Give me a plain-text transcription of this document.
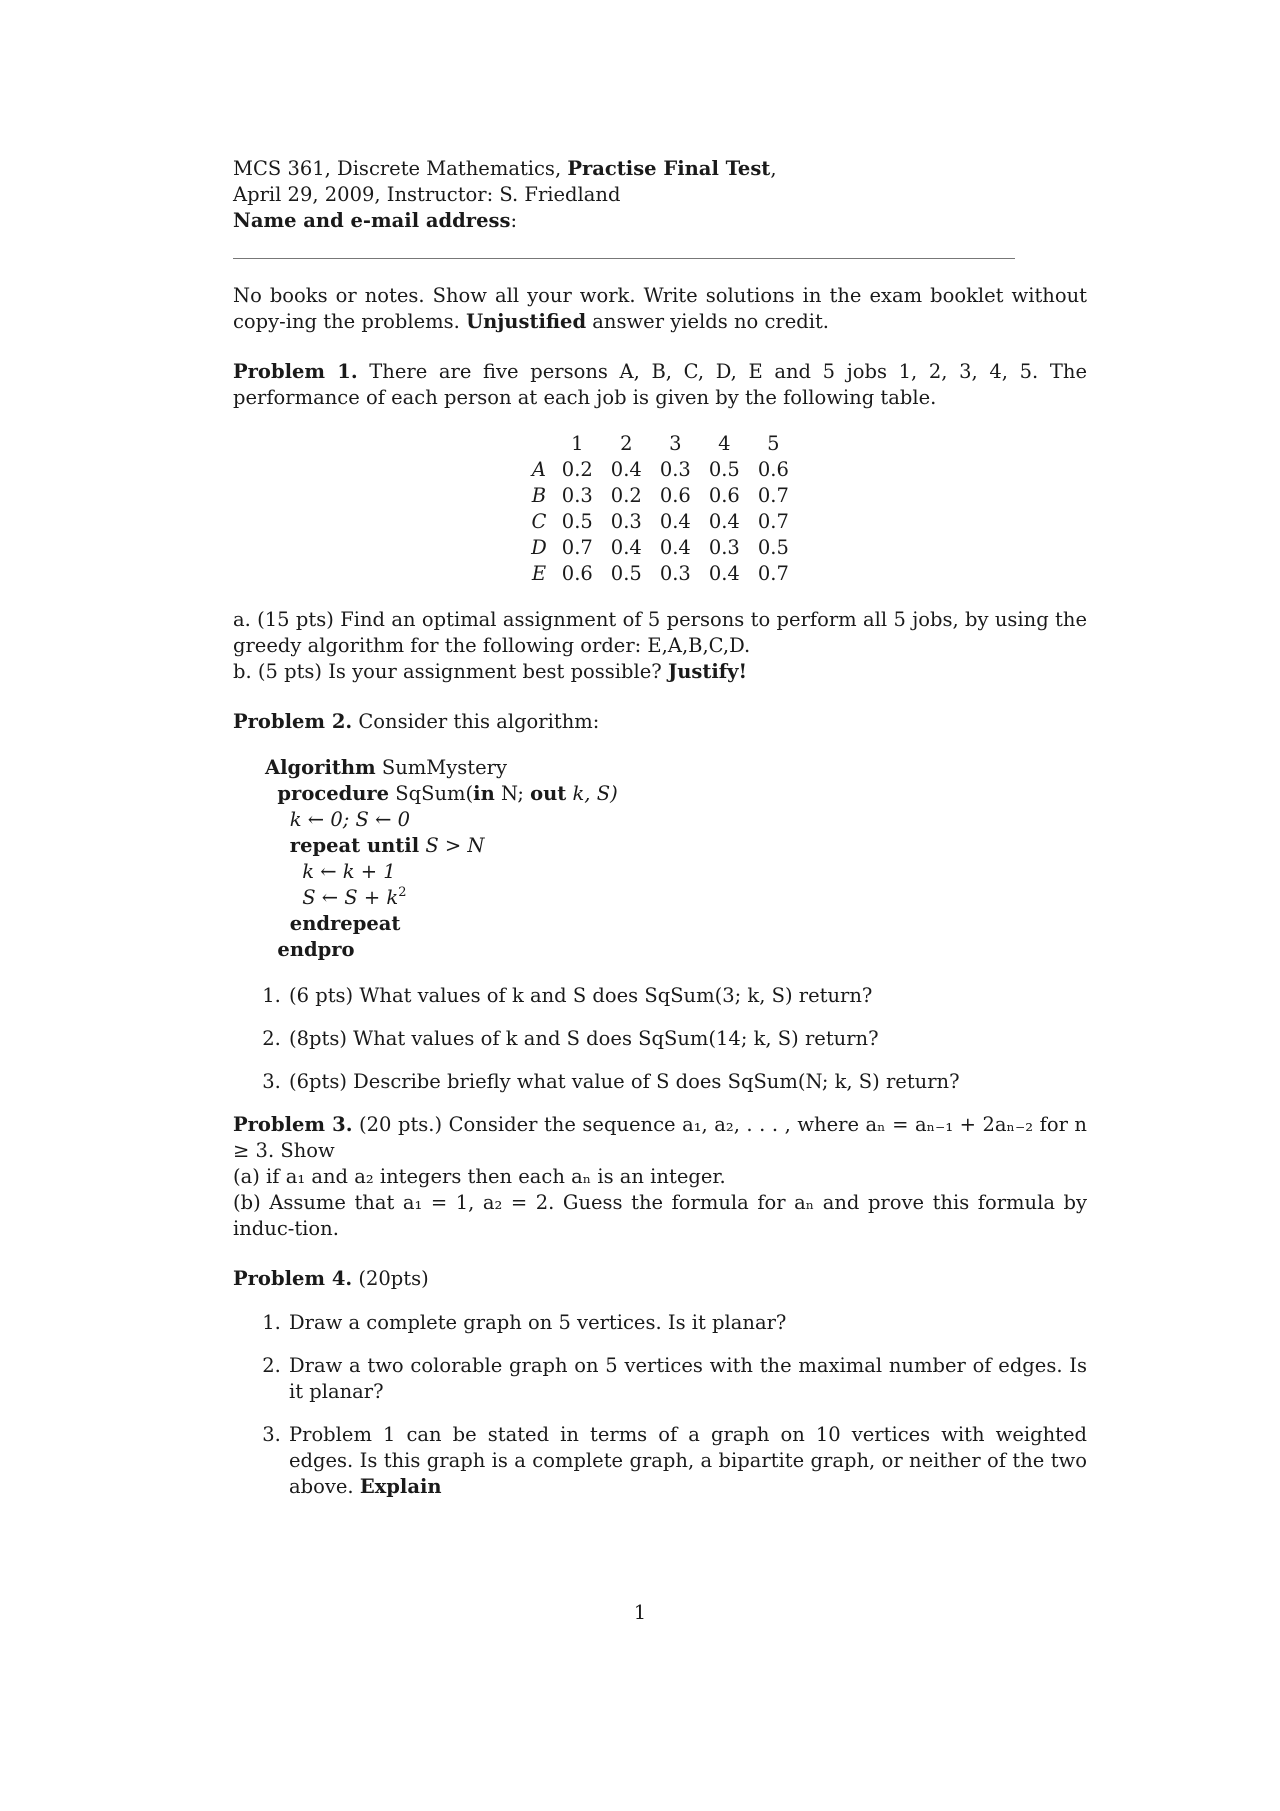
MCS 361, Discrete Mathematics, Practise Final Test,

April 29, 2009, Instructor: S. Friedland

Name and e-mail address:

No books or notes. Show all your work. Write solutions in the exam booklet without copy-ing the problems. Unjustified answer yields no credit.

Problem 1. There are five persons A, B, C, D, E and 5 jobs 1, 2, 3, 4, 5. The performance of each person at each job is given by the following table.

	1	2	3	4	5
A	0.2	0.4	0.3	0.5	0.6
B	0.3	0.2	0.6	0.6	0.7
C	0.5	0.3	0.4	0.4	0.7
D	0.7	0.4	0.4	0.3	0.5
E	0.6	0.5	0.3	0.4	0.7

a. (15 pts) Find an optimal assignment of 5 persons to perform all 5 jobs, by using the greedy algorithm for the following order: E,A,B,C,D.

b. (5 pts) Is your assignment best possible? Justify!

Problem 2. Consider this algorithm:

Algorithm SumMystery
procedure SqSum(in N; out k, S)
k ← 0; S ← 0
repeat until S > N
k ← k + 1
S ← $S + k^2$
endrepeat
endpro
1. (6 pts) What values of k and S does SqSum(3; k, S) return?
2. (8pts) What values of k and S does SqSum(14; k, S) return?
3. (6pts) Describe briefly what value of S does SqSum(N; k, S) return?

Problem 3. (20 pts.) Consider the sequence a₁, a₂, . . . , where aₙ = aₙ₋₁ + 2aₙ₋₂ for n ≥ 3. Show

(a) if a₁ and a₂ integers then each aₙ is an integer.

(b) Assume that a₁ = 1, a₂ = 2. Guess the formula for aₙ and prove this formula by induc-tion.

Problem 4. (20pts)

1. Draw a complete graph on 5 vertices. Is it planar?
2. Draw a two colorable graph on 5 vertices with the maximal number of edges. Is it planar?
3. Problem 1 can be stated in terms of a graph on 10 vertices with weighted edges. Is this graph is a complete graph, a bipartite graph, or neither of the two above. Explain
1
